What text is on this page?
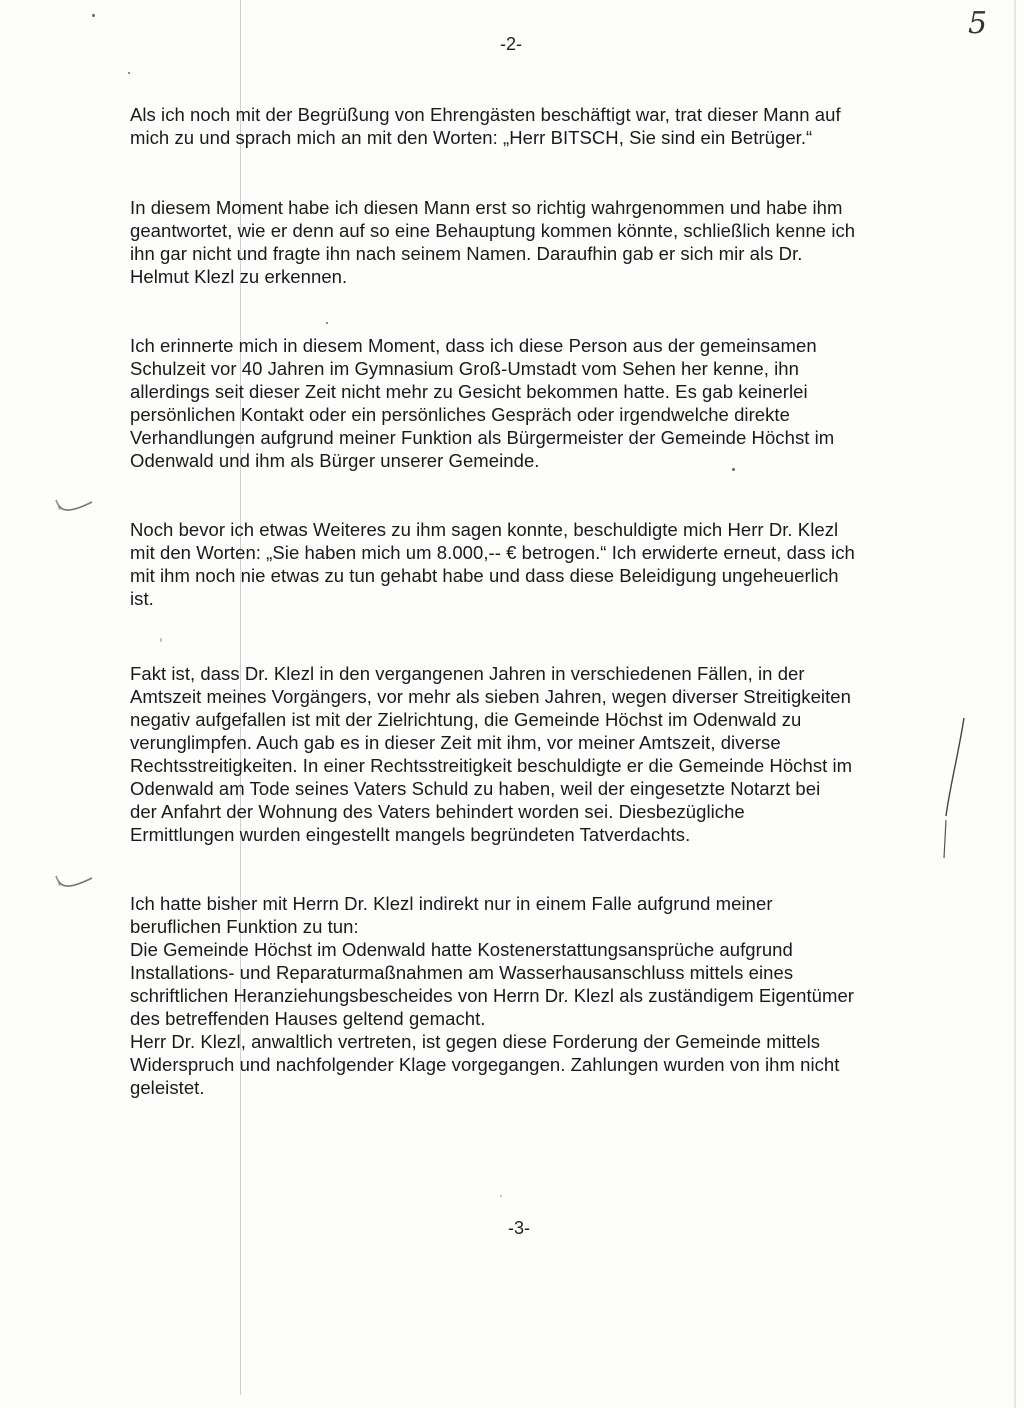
-2-
5

Als ich noch mit der Begrüßung von Ehrengästen beschäftigt war, trat dieser Mann auf
mich zu und sprach mich an mit den Worten: „Herr BITSCH, Sie sind ein Betrüger.“

In diesem Moment habe ich diesen Mann erst so richtig wahrgenommen und habe ihm
geantwortet, wie er denn auf so eine Behauptung kommen könnte, schließlich kenne ich
ihn gar nicht und fragte ihn nach seinem Namen. Daraufhin gab er sich mir als Dr.
Helmut Klezl zu erkennen.

Ich erinnerte mich in diesem Moment, dass ich diese Person aus der gemeinsamen
Schulzeit vor 40 Jahren im Gymnasium Groß-Umstadt vom Sehen her kenne, ihn
allerdings seit dieser Zeit nicht mehr zu Gesicht bekommen hatte. Es gab keinerlei
persönlichen Kontakt oder ein persönliches Gespräch oder irgendwelche direkte
Verhandlungen aufgrund meiner Funktion als Bürgermeister der Gemeinde Höchst im
Odenwald und ihm als Bürger unserer Gemeinde.

Noch bevor ich etwas Weiteres zu ihm sagen konnte, beschuldigte mich Herr Dr. Klezl
mit den Worten: „Sie haben mich um 8.000,-- € betrogen.“ Ich erwiderte erneut, dass ich
mit ihm noch nie etwas zu tun gehabt habe und dass diese Beleidigung ungeheuerlich
ist.

Fakt ist, dass Dr. Klezl in den vergangenen Jahren in verschiedenen Fällen, in der
Amtszeit meines Vorgängers, vor mehr als sieben Jahren, wegen diverser Streitigkeiten
negativ aufgefallen ist mit der Zielrichtung, die Gemeinde Höchst im Odenwald zu
verunglimpfen. Auch gab es in dieser Zeit mit ihm, vor meiner Amtszeit, diverse
Rechtsstreitigkeiten. In einer Rechtsstreitigkeit beschuldigte er die Gemeinde Höchst im
Odenwald am Tode seines Vaters Schuld zu haben, weil der eingesetzte Notarzt bei
der Anfahrt der Wohnung des Vaters behindert worden sei. Diesbezügliche
Ermittlungen wurden eingestellt mangels begründeten Tatverdachts.

Ich hatte bisher mit Herrn Dr. Klezl indirekt nur in einem Falle aufgrund meiner
beruflichen Funktion zu tun:
Die Gemeinde Höchst im Odenwald hatte Kostenerstattungsansprüche aufgrund
Installations- und Reparaturmaßnahmen am Wasserhausanschluss mittels eines
schriftlichen Heranziehungsbescheides von Herrn Dr. Klezl als zuständigem Eigentümer
des betreffenden Hauses geltend gemacht.
Herr Dr. Klezl, anwaltlich vertreten, ist gegen diese Forderung der Gemeinde mittels
Widerspruch und nachfolgender Klage vorgegangen. Zahlungen wurden von ihm nicht
geleistet.

-3-
